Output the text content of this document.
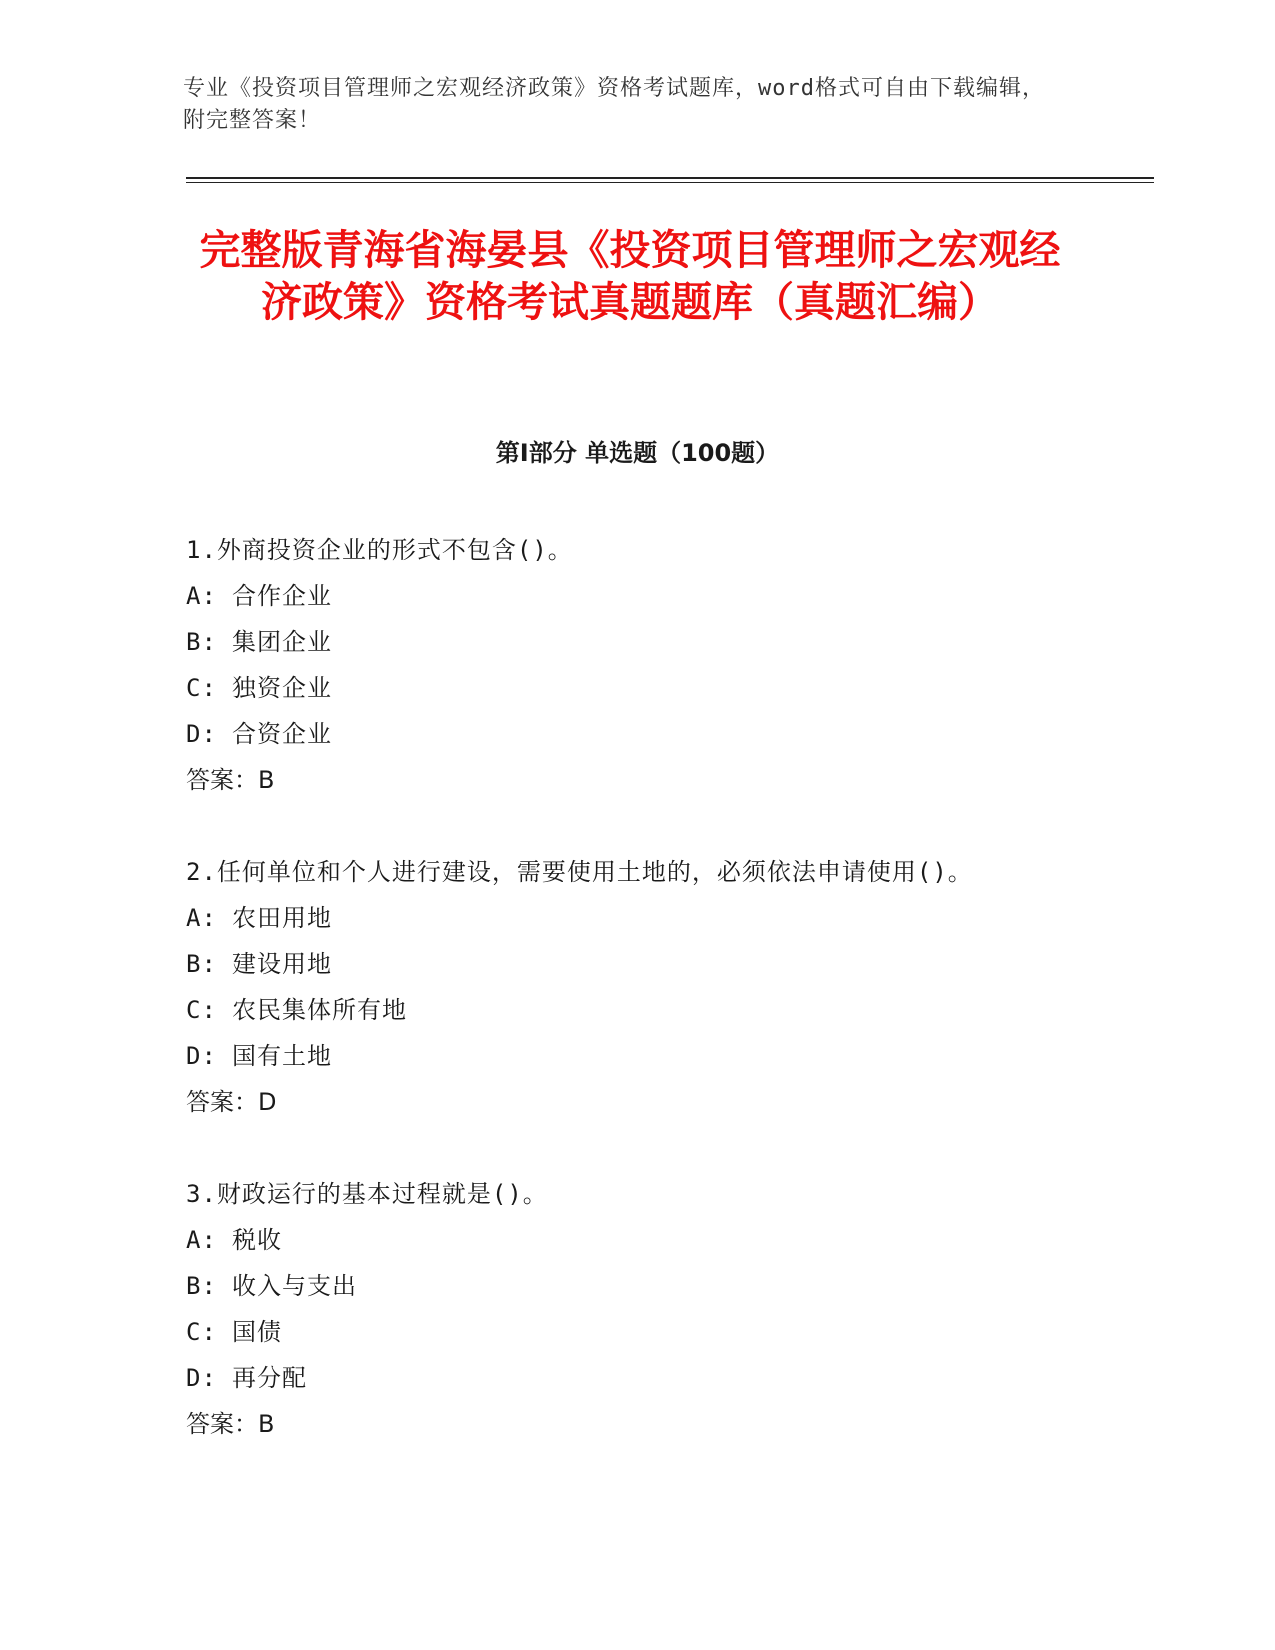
专业《投资项目管理师之宏观经济政策》资格考试题库，word格式可自由下载编辑，附完整答案！
完整版青海省海晏县《投资项目管理师之宏观经济政策》资格考试真题题库（真题汇编）
第Ⅰ部分 单选题（100题）

1.外商投资企业的形式不包含()。

A: 合作企业

B: 集团企业

C: 独资企业

D: 合资企业

答案：B

2.任何单位和个人进行建设，需要使用土地的，必须依法申请使用()。

A: 农田用地

B: 建设用地

C: 农民集体所有地

D: 国有土地

答案：D

3.财政运行的基本过程就是()。

A: 税收

B: 收入与支出

C: 国债

D: 再分配

答案：B
